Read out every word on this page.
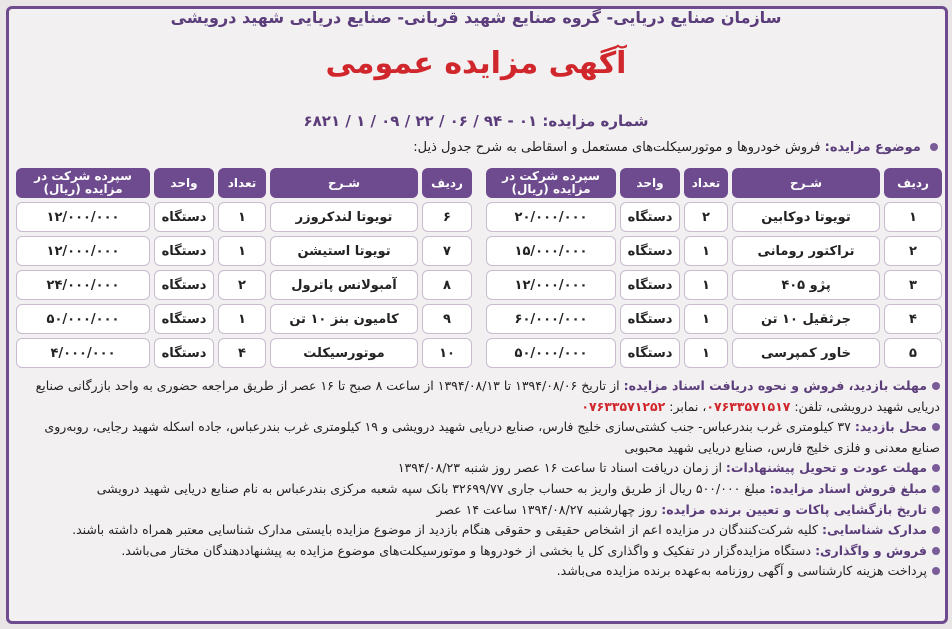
سازمان صنایع دریایی- گروه صنایع شهید قربانی- صنایع دریایی شهید درویشی
آگهی مزایده عمومی
شماره مزایده: ۰۱ - ۹۴ / ۰۶ / ۲۲ / ۰۹ / ۱ / ۶۸۲۱
موضوع مزایده: فروش خودروها و موتورسیکلت‌های مستعمل و اسقاطی به شرح جدول ذیل:
ردیف
شـرح
تعداد
واحد
سپرده شرکت در مزایده (ریال)
۱
تویوتا دوکابین
۲
دستگاه
۲۰/۰۰۰/۰۰۰
۲
تراکتور رومانی
۱
دستگاه
۱۵/۰۰۰/۰۰۰
۳
پژو ۴۰۵
۱
دستگاه
۱۲/۰۰۰/۰۰۰
۴
جرثقیل ۱۰ تن
۱
دستگاه
۶۰/۰۰۰/۰۰۰
۵
خاور کمپرسی
۱
دستگاه
۵۰/۰۰۰/۰۰۰
ردیف
شـرح
تعداد
واحد
سپرده شرکت در مزایده (ریال)
۶
تویوتا لندکروزر
۱
دستگاه
۱۲/۰۰۰/۰۰۰
۷
تویوتا استیشن
۱
دستگاه
۱۲/۰۰۰/۰۰۰
۸
آمبولانس پاترول
۲
دستگاه
۲۴/۰۰۰/۰۰۰
۹
کامیون بنز ۱۰ تن
۱
دستگاه
۵۰/۰۰۰/۰۰۰
۱۰
موتورسیکلت
۴
دستگاه
۴/۰۰۰/۰۰۰

مهلت بازدید، فروش و نحوه دریافت اسناد مزایده: از تاریخ ۱۳۹۴/۰۸/۰۶ تا ۱۳۹۴/۰۸/۱۳ از ساعت ۸ صبح تا ۱۶ عصر از طریق مراجعه حضوری به واحد بازرگانی صنایع دریایی شهید درویشی، تلفن: ۰۷۶۳۳۵۷۱۵۱۷، نمابر: ۰۷۶۳۳۵۷۱۲۵۲

محل بازدید: ۳۷ کیلومتری غرب بندرعباس- جنب کشتی‌سازی خلیج فارس، صنایع دریایی شهید درویشی و ۱۹ کیلومتری غرب بندرعباس، جاده اسکله شهید رجایی، روبه‌روی صنایع معدنی و فلزی خلیج فارس، صنایع دریایی شهید محبوبی

مهلت عودت و تحویل پیشنهادات: از زمان دریافت اسناد تا ساعت ۱۶ عصر روز شنبه ۱۳۹۴/۰۸/۲۳

مبلغ فروش اسناد مزایده: مبلغ ۵۰۰/۰۰۰ ریال از طریق واریز به حساب جاری ۳۲۶۹۹/۷۷ بانک سپه شعبه مرکزی بندرعباس به نام صنایع دریایی شهید درویشی

تاریخ بازگشایی پاکات و تعیین برنده مزایده: روز چهارشنبه ۱۳۹۴/۰۸/۲۷ ساعت ۱۴ عصر

مدارک شناسایی: کلیه شرکت‌کنندگان در مزایده اعم از اشخاص حقیقی و حقوقی هنگام بازدید از موضوع مزایده بایستی مدارک شناسایی معتبر همراه داشته باشند.

فروش و واگذاری: دستگاه مزایده‌گزار در تفکیک و واگذاری کل یا بخشی از خودروها و موتورسیکلت‌های موضوع مزایده به پیشنهاددهندگان مختار می‌باشد.

پرداخت هزینه کارشناسی و آگهی روزنامه به‌عهده برنده مزایده می‌باشد.
